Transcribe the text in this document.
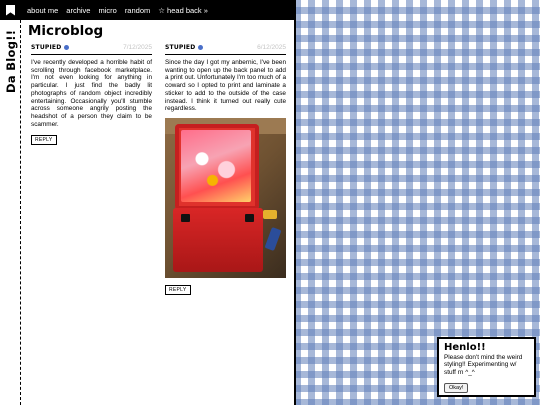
about me archive micro random ☆ head back »
Da Blog!! Microblog
STUPIED	7/12/2025
I've recently developed a horrible habit of scrolling through facebook marketplace. I'm not even looking for anything in particular. I just find the badly lit photographs of random object incredibly entertaining. Occasionally you'll stumble across someone angrily posting the headshot of a person they claim to be scammer.
REPLY
STUPIED	6/12/2025
Since the day I got my anbernic, I've been wanting to open up the back panel to add a print out. Unfortunately I'm too much of a coward so I opted to print and laminate a sticker to add to the outside of the case instead. I think it turned out really cute regardless.
REPLY
Henlo!!
Please don't mind the weird styling!! Experimenting w/ stuff rn ^_^
Okay!
